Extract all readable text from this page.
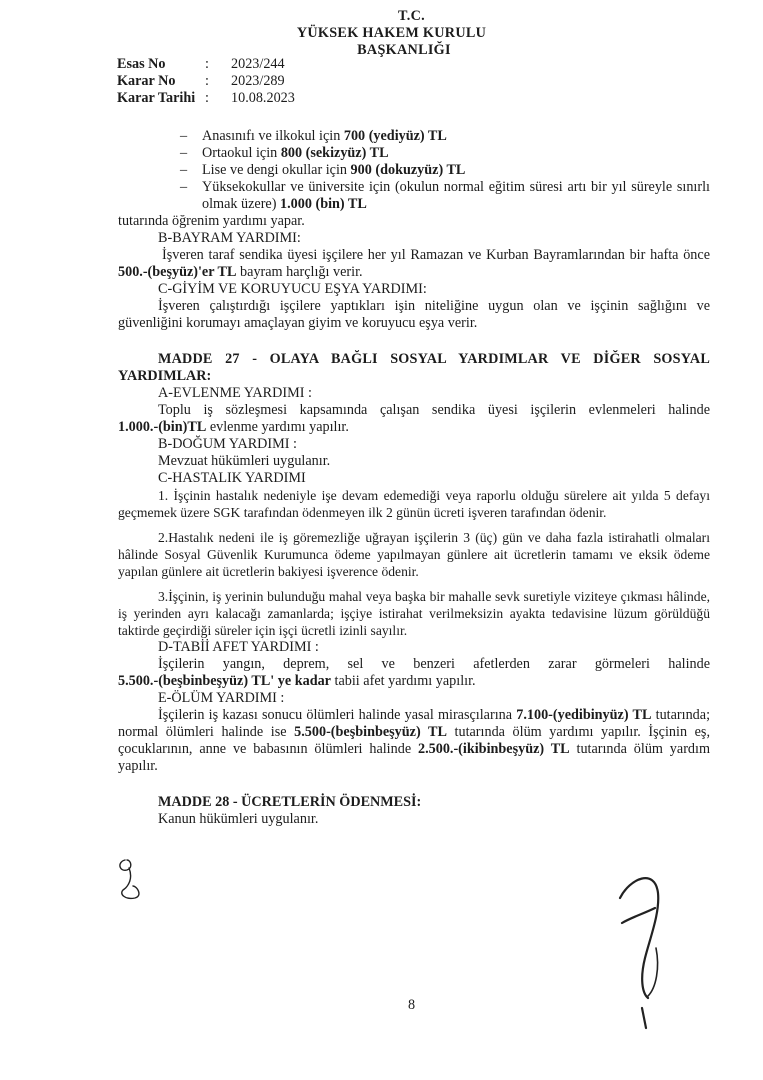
T.C.
YÜKSEK HAKEM KURULU
BAŞKANLIĞI
Esas No	:	2023/244
Karar No	:	2023/289
Karar Tarihi :	10.08.2023
–	Anasınıfı ve ilkokul için 700 (yediyüz) TL
–	Ortaokul için 800 (sekizyüz) TL
–	Lise ve dengi okullar için 900 (dokuzyüz) TL
–	Yüksekokullar ve üniversite için (okulun normal eğitim süresi artı bir yıl süreyle sınırlı olmak üzere) 1.000 (bin) TL

tutarında öğrenim yardımı yapar.

B-BAYRAM YARDIMI:

İşveren taraf sendika üyesi işçilere her yıl Ramazan ve Kurban Bayramlarından bir hafta önce 500.-(beşyüz)'er TL bayram harçlığı verir.

C-GİYİM VE KORUYUCU EŞYA YARDIMI:

İşveren çalıştırdığı işçilere yaptıkları işin niteliğine uygun olan ve işçinin sağlığını ve güvenliğini korumayı amaçlayan giyim ve koruyucu eşya verir.

MADDE 27 - OLAYA BAĞLI SOSYAL YARDIMLAR VE DİĞER SOSYAL

YARDIMLAR:

A-EVLENME YARDIMI :

Toplu iş sözleşmesi kapsamında çalışan sendika üyesi işçilerin evlenmeleri halinde

1.000.-(bin)TL evlenme yardımı yapılır.

B-DOĞUM YARDIMI :

Mevzuat hükümleri uygulanır.

C-HASTALIK YARDIMI

1. İşçinin hastalık nedeniyle işe devam edemediği veya raporlu olduğu sürelere ait yılda 5 defayı geçmemek üzere SGK tarafından ödenmeyen ilk 2 günün ücreti işveren tarafından ödenir.

2.Hastalık nedeni ile iş göremezliğe uğrayan işçilerin 3 (üç) gün ve daha fazla istirahatli olmaları hâlinde Sosyal Güvenlik Kurumunca ödeme yapılmayan günlere ait ücretlerin tamamı ve eksik ödeme yapılan günlere ait ücretlerin bakiyesi işverence ödenir.

3.İşçinin, iş yerinin bulunduğu mahal veya başka bir mahalle sevk suretiyle viziteye çıkması hâlinde, iş yerinden ayrı kalacağı zamanlarda; işçiye istirahat verilmeksizin ayakta tedavisine lüzum görüldüğü taktirde geçirdiği süreler için işçi ücretli izinli sayılır.

D-TABİİ AFET YARDIMI :

İşçilerin yangın, deprem, sel ve benzeri afetlerden zarar görmeleri halinde

5.500.-(beşbinbeşyüz) TL' ye kadar tabii afet yardımı yapılır.

E-ÖLÜM YARDIMI :

İşçilerin iş kazası sonucu ölümleri halinde yasal mirasçılarına 7.100-(yedibinyüz) TL tutarında; normal ölümleri halinde ise 5.500-(beşbinbeşyüz) TL tutarında ölüm yardımı yapılır. İşçinin eş, çocuklarının, anne ve babasının ölümleri halinde 2.500.-(ikibinbeşyüz) TL tutarında ölüm yardım yapılır.

MADDE 28 - ÜCRETLERİN ÖDENMESİ:

Kanun hükümleri uygulanır.

8
